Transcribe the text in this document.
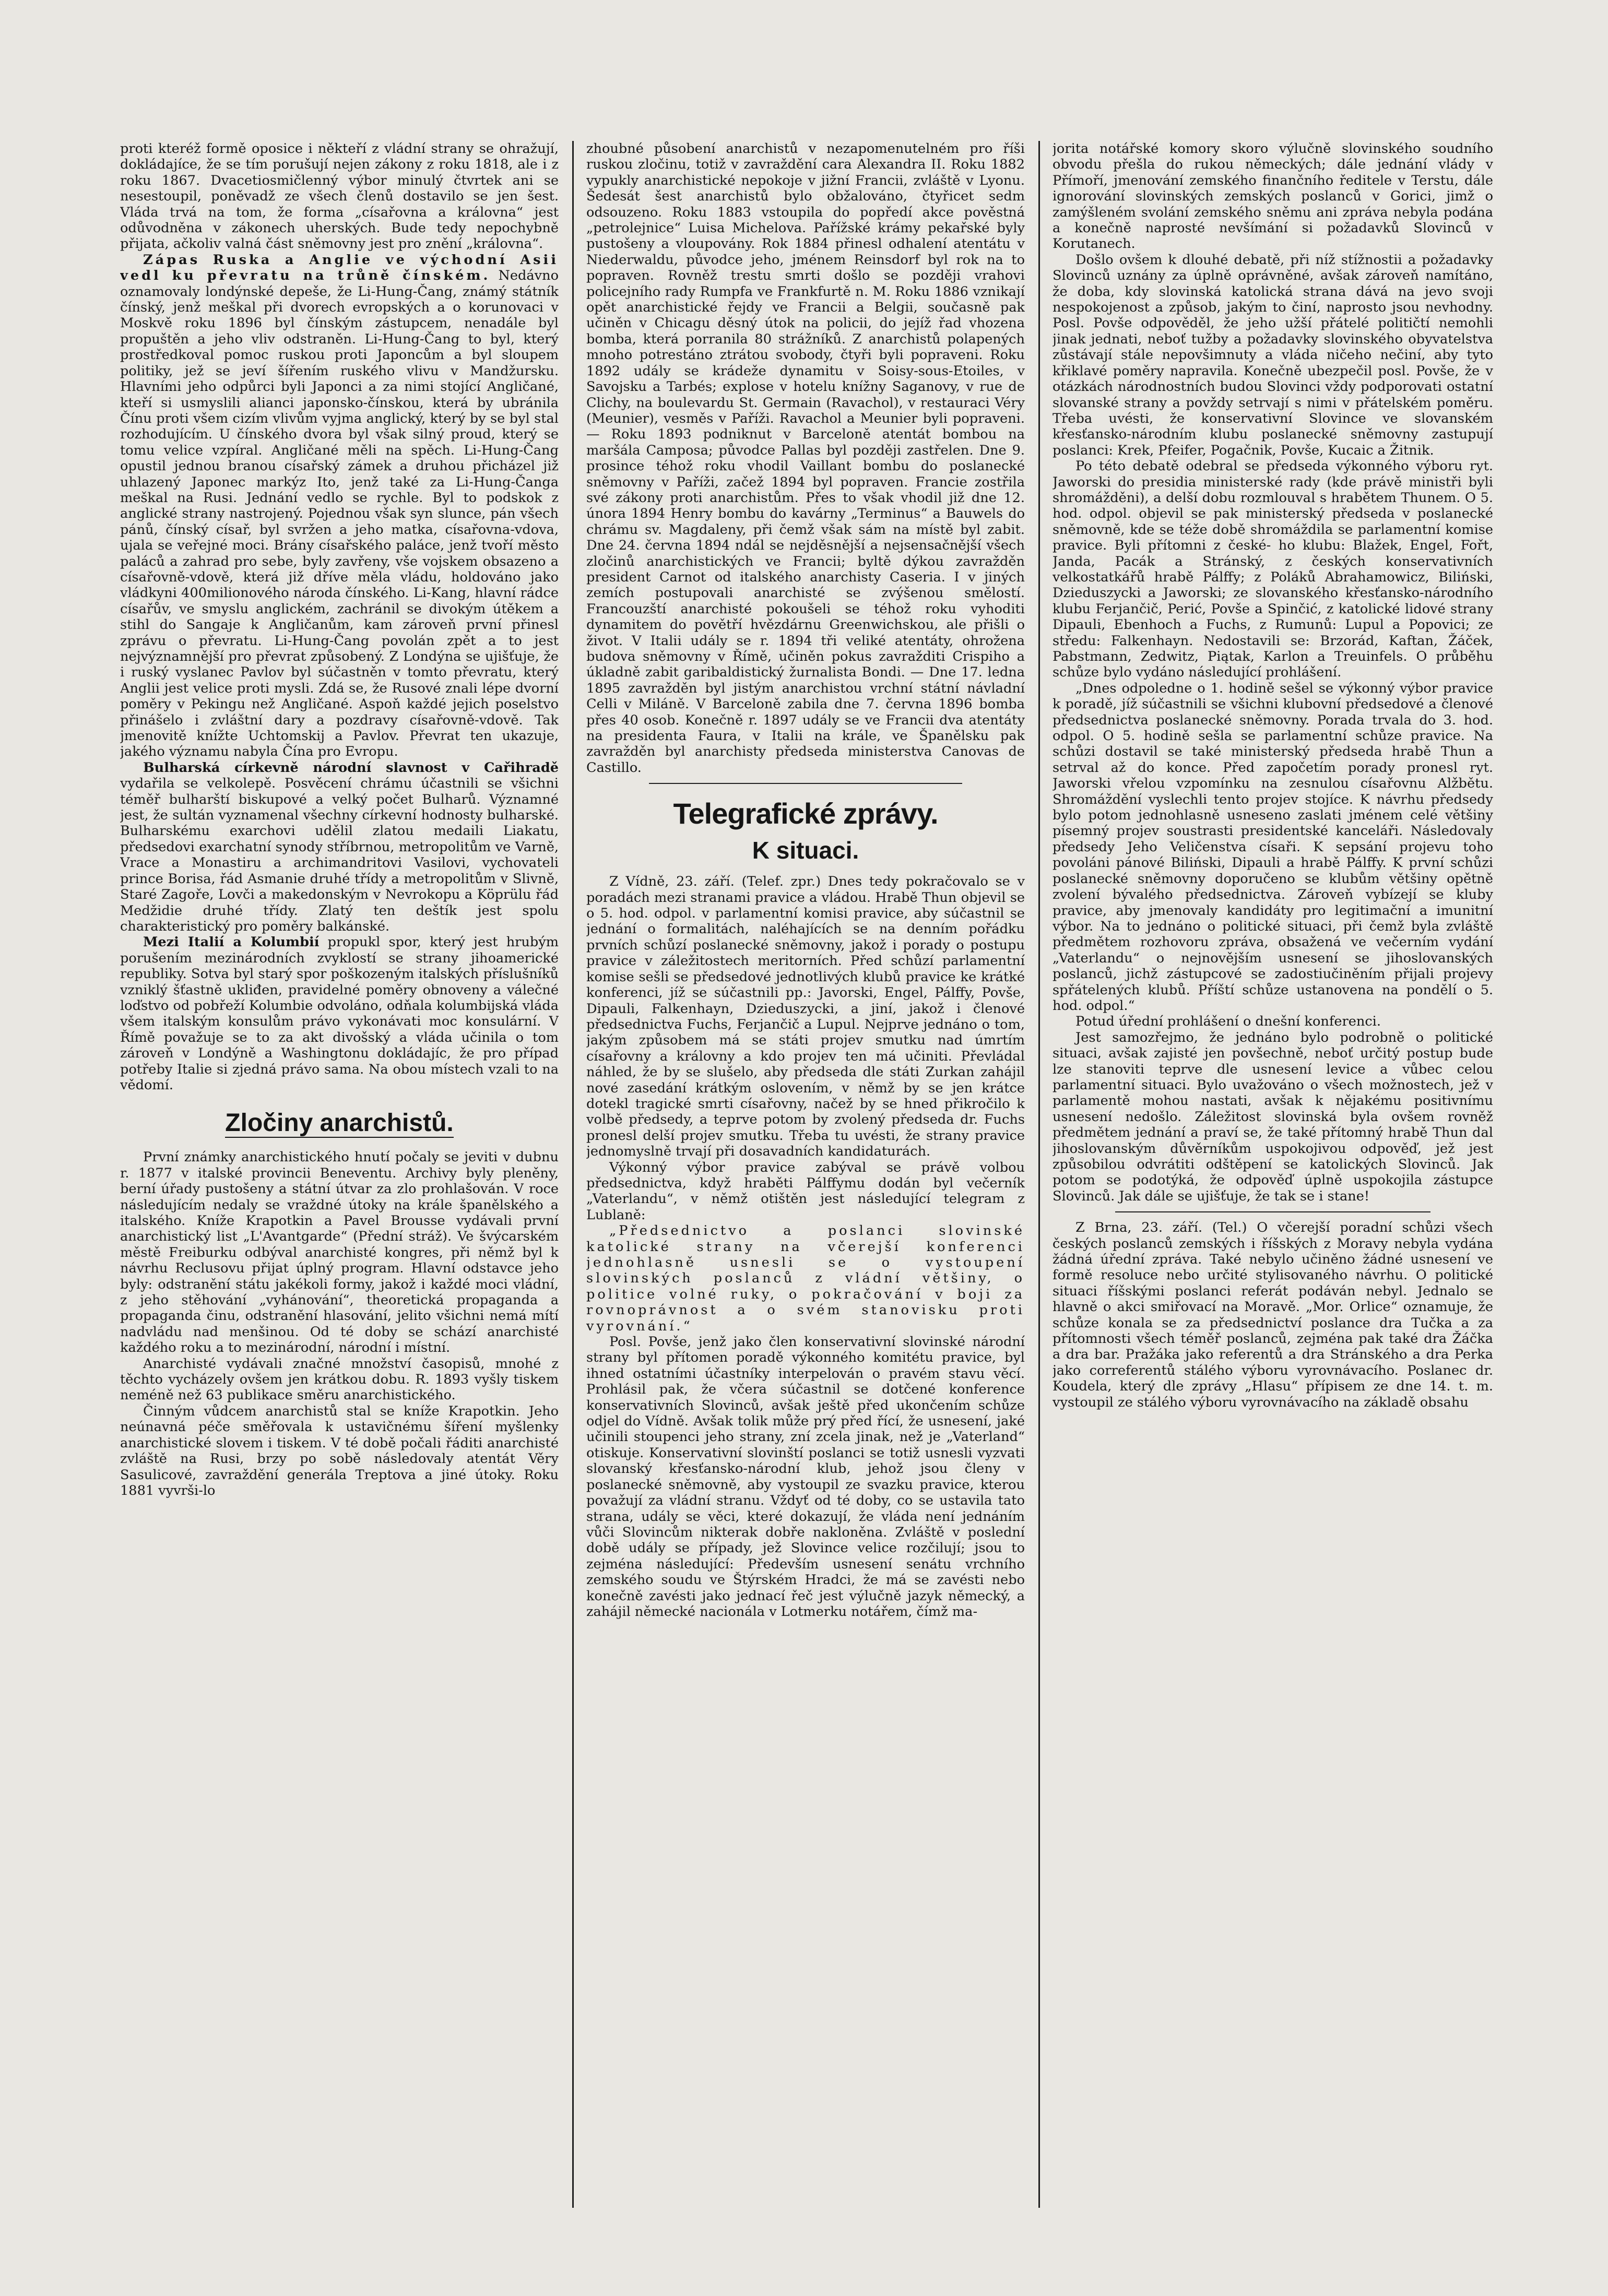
proti kteréž formě oposice i někteří z vládní strany se ohražují, dokládajíce, že se tím porušují nejen zákony z roku 1818, ale i z roku 1867. Dvacetiosmičlenný výbor minulý čtvrtek ani se nesestoupil, poněvadž ze všech členů dostavilo se jen šest. Vláda trvá na tom, že forma „císařovna a královna“ jest odůvodněna v zákonech uherských. Bude tedy nepochybně přijata, ačkoliv valná část sněmovny jest pro znění „královna“.

Zápas Ruska a Anglie ve východní Asii vedl ku převratu na trůně čínském. Nedávno oznamovaly londýnské depeše, že Li-Hung-Čang, známý státník čínský, jenž meškal při dvorech evropských a o korunovaci v Moskvě roku 1896 byl čínským zástupcem, nenadále byl propuštěn a jeho vliv odstraněn. Li-Hung-Čang to byl, který prostředkoval pomoc ruskou proti Japoncům a byl sloupem politiky, jež se jeví šířením ruského vlivu v Mandžursku. Hlavními jeho odpůrci byli Japonci a za nimi stojící Angličané, kteří si usmyslili alianci japonsko-čínskou, která by ubránila Čínu proti všem cizím vlivům vyjma anglický, který by se byl stal rozhodujícím. U čínského dvora byl však silný proud, který se tomu velice vzpíral. Angličané měli na spěch. Li-Hung-Čang opustil jednou branou císařský zámek a druhou přicházel již uhlazený Japonec markýz Ito, jenž také za Li-Hung-Čanga meškal na Rusi. Jednání vedlo se rychle. Byl to podskok z anglické strany nastrojený. Pojednou však syn slunce, pán všech pánů, čínský císař, byl svržen a jeho matka, císařovna-vdova, ujala se veřejné moci. Brány císařského paláce, jenž tvoří město paláců a zahrad pro sebe, byly zavřeny, vše vojskem obsazeno a císařovně-vdově, která již dříve měla vládu, holdováno jako vládkyni 400milionového národa čínského. Li-Kang, hlavní rádce císařův, ve smyslu anglickém, zachránil se divokým útěkem a stihl do Sangaje k Angličanům, kam zároveň první přinesl zprávu o převratu. Li-Hung-Čang povolán zpět a to jest nejvýznamnější pro převrat způsobený. Z Londýna se ujišťuje, že i ruský vyslanec Pavlov byl súčastněn v tomto převratu, který Anglii jest velice proti mysli. Zdá se, že Rusové znali lépe dvorní poměry v Pekingu než Angličané. Aspoň každé jejich poselstvo přinášelo i zvláštní dary a pozdravy císařovně-vdově. Tak jmenovitě knížte Uchtomskij a Pavlov. Převrat ten ukazuje, jakého významu nabyla Čína pro Evropu.

Bulharská církevně národní slavnost v Cařihradě vydařila se velkolepě. Posvěcení chrámu účastnili se všichni téměř bulharští biskupové a velký počet Bulharů. Významné jest, že sultán vyznamenal všechny církevní hodnosty bulharské. Bulharskému exarchovi udělil zlatou medaili Liakatu, předsedovi exarchatní synody stříbrnou, metropolitům ve Varně, Vrace a Monastiru a archimandritovi Vasilovi, vychovateli prince Borisa, řád Asmanie druhé třídy a metropolitům v Slivně, Staré Zagoře, Lovči a makedonským v Nevrokopu a Köprülu řád Medžidie druhé třídy. Zlatý ten deštík jest spolu charakteristický pro poměry balkánské.

Mezi Italií a Kolumbií propukl spor, který jest hrubým porušením mezinárodních zvyklostí se strany jihoamerické republiky. Sotva byl starý spor poškozeným italských příslušníků vzniklý šťastně ukliđen, pravidelné poměry obnoveny a válečné loďstvo od pobřeží Kolumbie odvoláno, odňala kolumbijská vláda všem italským konsulům právo vykonávati moc konsulární. V Římě považuje se to za akt divošský a vláda učinila o tom zároveň v Londýně a Washingtonu dokládajíc, že pro případ potřeby Italie si zjedná právo sama. Na obou místech vzali to na vědomí.

Zločiny anarchistů.

První známky anarchistického hnutí počaly se jeviti v dubnu r. 1877 v italské provincii Beneventu. Archivy byly pleněny, berní úřady pustošeny a státní útvar za zlo prohlašován. V roce následujícím nedaly se vraždné útoky na krále španělského a italského. Kníže Krapotkin a Pavel Brousse vydávali první anarchistický list „L'Avantgarde“ (Přední stráž). Ve švýcarském městě Freiburku odbýval anarchisté kongres, při němž byl k návrhu Reclusovu přijat úplný program. Hlavní odstavce jeho byly: odstranění státu jakékoli formy, jakož i každé moci vládní, z jeho stěhování „vyhánování“, theoretická propaganda a propaganda činu, odstranění hlasování, jelito všichni nemá mítí nadvládu nad menšinou. Od té doby se schází anarchisté každého roku a to mezinárodní, národní i místní.

Anarchisté vydávali značné množství časopisů, mnohé z těchto vycházely ovšem jen krátkou dobu. R. 1893 vyšly tiskem neméně než 63 publikace směru anarchistického.

Činným vůdcem anarchistů stal se kníže Krapotkin. Jeho neúnavná péče směřovala k ustavičnému šíření myšlenky anarchistické slovem i tiskem. V té době počali řáditi anarchisté zvláště na Rusi, brzy po sobě následovaly atentát Věry Sasulicové, zavraždění generála Treptova a jiné útoky. Roku 1881 vyvrši-lo

zhoubné působení anarchistů v nezapomenutelném pro říši ruskou zločinu, totiž v zavraždění cara Alexandra II. Roku 1882 vypukly anarchistické nepokoje v jižní Francii, zvláště v Lyonu. Šedesát šest anarchistů bylo obžalováno, čtyřicet sedm odsouzeno. Roku 1883 vstoupila do popředí akce pověstná „petrolejnice“ Luisa Michelova. Pařížské krámy pekařské byly pustošeny a vloupovány. Rok 1884 přinesl odhalení atentátu v Niederwaldu, původce jeho, jménem Reinsdorf byl rok na to popraven. Rovněž trestu smrti došlo se později vrahovi policejního rady Rumpfa ve Frankfurtě n. M. Roku 1886 vznikají opět anarchistické řejdy ve Francii a Belgii, současně pak učiněn v Chicagu děsný útok na policii, do jejíž řad vhozena bomba, která porranila 80 strážníků. Z anarchistů polapených mnoho potrestáno ztrátou svobody, čtyři byli popraveni. Roku 1892 udály se krádeže dynamitu v Soisy-sous-Etoiles, v Savojsku a Tarbés; explose v hotelu knížny Saganovy, v rue de Clichy, na boulevardu St. Germain (Ravachol), v restauraci Véry (Meunier), vesměs v Paříži. Ravachol a Meunier byli popraveni. — Roku 1893 podniknut v Barceloně atentát bombou na maršála Camposa; původce Pallas byl později zastřelen. Dne 9. prosince téhož roku vhodil Vaillant bombu do poslanecké sněmovny v Paříži, začež 1894 byl popraven. Francie zostřila své zákony proti anarchistům. Přes to však vhodil již dne 12. února 1894 Henry bombu do kavárny „Terminus“ a Bauwels do chrámu sv. Magdaleny, při čemž však sám na místě byl zabit. Dne 24. června 1894 ndál se nejděsnější a nejsensačnější všech zločinů anarchistických ve Francii; byltě dýkou zavražděn president Carnot od italského anarchisty Caseria. I v jiných zemích postupovali anarchisté se zvýšenou smělostí. Francouzští anarchisté pokoušeli se téhož roku vyhoditi dynamitem do povětří hvězdárnu Greenwichskou, ale přišli o život. V Italii udály se r. 1894 tři veliké atentáty, ohrožena budova sněmovny v Římě, učiněn pokus zavražditi Crispiho a úkladně zabit garibaldistický žurnalista Bondi. — Dne 17. ledna 1895 zavražděn byl jistým anarchistou vrchní státní návladní Celli v Miláně. V Barceloně zabila dne 7. června 1896 bomba přes 40 osob. Konečně r. 1897 udály se ve Francii dva atentáty na presidenta Faura, v Italii na krále, ve Španělsku pak zavražděn byl anarchisty předseda ministerstva Canovas de Castillo.

Telegrafické zprávy.
K situaci.

Z Vídně, 23. září. (Telef. zpr.) Dnes tedy pokračovalo se v poradách mezi stranami pravice a vládou. Hrabě Thun objevil se o 5. hod. odpol. v parlamentní komisi pravice, aby súčastnil se jednání o formalitách, naléhajících se na denním pořádku prvních schůzí poslanecké sněmovny, jakož i porady o postupu pravice v záležitostech meritorních. Před schůzí parlamentní komise sešli se předsedové jednotlivých klubů pravice ke krátké konferenci, jíž se súčastnili pp.: Javorski, Engel, Pálffy, Povše, Dipauli, Falkenhayn, Dzieduszycki, a jiní, jakož i členové předsednictva Fuchs, Ferjančič a Lupul. Nejprve jednáno o tom, jakým způsobem má se státi projev smutku nad úmrtím císařovny a královny a kdo projev ten má učiniti. Převládal náhled, že by se slušelo, aby předseda dle státi Zurkan zahájil nové zasedání krátkým oslovením, v němž by se jen krátce dotekl tragické smrti císařovny, načež by se hned přikročilo k volbě předsedy, a teprve potom by zvolený předseda dr. Fuchs pronesl delší projev smutku. Třeba tu uvésti, že strany pravice jednomyslně trvají při dosavadních kandidaturách.

Výkonný výbor pravice zabýval se právě volbou předsednictva, když hraběti Pálffymu dodán byl večerník „Vaterlandu“, v němž otištěn jest následující telegram z Lublaně:

„Předsednictvo a poslanci slovinské katolické strany na včerejší konferenci jednohlasně usnesli se o vystoupení slovinských poslanců z vládní většiny, o politice volné ruky, o pokračování v boji za rovnoprávnost a o svém stanovisku proti vyrovnání.“

Posl. Povše, jenž jako člen konservativní slovinské národní strany byl přítomen poradě výkonného komitétu pravice, byl ihned ostatními účastníky interpelován o pravém stavu věcí. Prohlásil pak, že včera súčastnil se dotčené konference konservativních Slovinců, avšak ještě před ukončením schůze odjel do Vídně. Avšak tolik může prý před řící, že usnesení, jaké učinili stoupenci jeho strany, zní zcela jinak, než je „Vaterland“ otiskuje. Konservativní slovinští poslanci se totiž usnesli vyzvati slovanský křesťansko-národní klub, jehož jsou členy v poslanecké sněmovně, aby vystoupil ze svazku pravice, kterou považují za vládní stranu. Vždyť od té doby, co se ustavila tato strana, udály se věci, které dokazují, že vláda není jednáním vůči Slovincům nikterak dobře nakloněna. Zvláště v poslední době udály se případy, jež Slovince velice rozčilují; jsou to zejména následující: Především usnesení senátu vrchního zemského soudu ve Štýrském Hradci, že má se zavésti nebo konečně zavésti jako jednací řeč jest výlučně jazyk německý, a zahájil německé nacionála v Lotmerku notářem, čímž ma-

jorita notářské komory skoro výlučně slovinského soudního obvodu přešla do rukou německých; dále jednání vlády v Přímoří, jmenování zemského finančního ředitele v Terstu, dále ignorování slovinských zemských poslanců v Gorici, jimž o zamýšleném svolání zemského sněmu ani zpráva nebyla podána a konečně naprosté nevšímání si požadavků Slovinců v Korutanech.

Došlo ovšem k dlouhé debatě, při níž stížnostii a požadavky Slovinců uznány za úplně oprávněné, avšak zároveň namítáno, že doba, kdy slovinská katolická strana dává na jevo svoji nespokojenost a způsob, jakým to činí, naprosto jsou nevhodny. Posl. Povše odpověděl, že jeho užší přátelé političtí nemohli jinak jednati, neboť tužby a požadavky slovinského obyvatelstva zůstávají stále nepovšimnuty a vláda ničeho nečiní, aby tyto křiklavé poměry napravila. Konečně ubezpečil posl. Povše, že v otázkách národnostních budou Slovinci vždy podporovati ostatní slovanské strany a povždy setrvají s nimi v přátelském poměru. Třeba uvésti, že konservativní Slovince ve slovanském křesťansko-národním klubu poslanecké sněmovny zastupují poslanci: Krek, Pfeifer, Pogačnik, Povše, Kucaic a Žitnik.

Po této debatě odebral se předseda výkonného výboru ryt. Jaworski do presidia ministerské rady (kde právě ministři byli shromážděni), a delší dobu rozmlouval s hrabětem Thunem. O 5. hod. odpol. objevil se pak ministerský předseda v poslanecké sněmovně, kde se téže době shromáždila se parlamentní komise pravice. Byli přítomni z české- ho klubu: Blažek, Engel, Fořt, Janda, Pacák a Stránský, z českých konservativních velkostatkářů hrabě Pálffy; z Poláků Abrahamowicz, Biliński, Dzieduszycki a Jaworski; ze slovanského křesťansko-národního klubu Ferjančič, Perić, Povše a Spinčić, z katolické lidové strany Dipauli, Ebenhoch a Fuchs, z Rumunů: Lupul a Popovici; ze středu: Falkenhayn. Nedostavili se: Brzorád, Kaftan, Žáček, Pabstmann, Zedwitz, Piątak, Karlon a Treuinfels. O průběhu schůze bylo vydáno následující prohlášení.

„Dnes odpoledne o 1. hodině sešel se výkonný výbor pravice k poradě, jíž súčastnili se všichni klubovní předsedové a členové předsednictva poslanecké sněmovny. Porada trvala do 3. hod. odpol. O 5. hodině sešla se parlamentní schůze pravice. Na schůzi dostavil se také ministerský předseda hrabě Thun a setrval až do konce. Před započetím porady pronesl ryt. Jaworski vřelou vzpomínku na zesnulou císařovnu Alžbětu. Shromáždění vyslechli tento projev stojíce. K návrhu předsedy bylo potom jednohlasně usneseno zaslati jménem celé většiny písemný projev soustrasti presidentské kanceláři. Následovaly předsedy Jeho Veličenstva císaři. K sepsání projevu toho povoláni pánové Biliński, Dipauli a hrabě Pálffy. K první schůzi poslanecké sněmovny doporučeno se klubům většiny opětně zvolení bývalého předsednictva. Zároveň vybízejí se kluby pravice, aby jmenovaly kandidáty pro legitimační a imunitní výbor. Na to jednáno o politické situaci, při čemž byla zvláště předmětem rozhovoru zpráva, obsažená ve večerním vydání „Vaterlandu“ o nejnovějším usnesení se jihoslovanských poslanců, jichž zástupcové se zadostiučiněním přijali projevy spřátelených klubů. Příští schůze ustanovena na pondělí o 5. hod. odpol.“

Potud úřední prohlášení o dnešní konferenci.

Jest samozřejmo, že jednáno bylo podrobně o politické situaci, avšak zajisté jen povšechně, neboť určitý postup bude lze stanoviti teprve dle usnesení levice a vůbec celou parlamentní situaci. Bylo uvažováno o všech možnostech, jež v parlamentě mohou nastati, avšak k nějakému positivnímu usnesení nedošlo. Záležitost slovinská byla ovšem rovněž předmětem jednání a praví se, že také přítomný hrabě Thun dal jihoslovanským důvěrníkům uspokojivou odpověď, jež jest způsobilou odvrátiti odštěpení se katolických Slovinců. Jak potom se podotýká, že odpověď úplně uspokojila zástupce Slovinců. Jak dále se ujišťuje, že tak se i stane!

Z Brna, 23. září. (Tel.) O včerejší poradní schůzi všech českých poslanců zemských i říšských z Moravy nebyla vydána žádná úřední zpráva. Také nebylo učiněno žádné usnesení ve formě resoluce nebo určité stylisovaného návrhu. O politické situaci říšskými poslanci referát podáván nebyl. Jednalo se hlavně o akci smiřovací na Moravě. „Mor. Orlice“ oznamuje, že schůze konala se za předsednictví poslance dra Tučka a za přítomnosti všech téměř poslanců, zejména pak také dra Žáčka a dra bar. Pražáka jako referentů a dra Stránského a dra Perka jako correferentů stálého výboru vyrovnávacího. Poslanec dr. Koudela, který dle zprávy „Hlasu“ přípisem ze dne 14. t. m. vystoupil ze stálého výboru vyrovnávacího na základě obsahu
